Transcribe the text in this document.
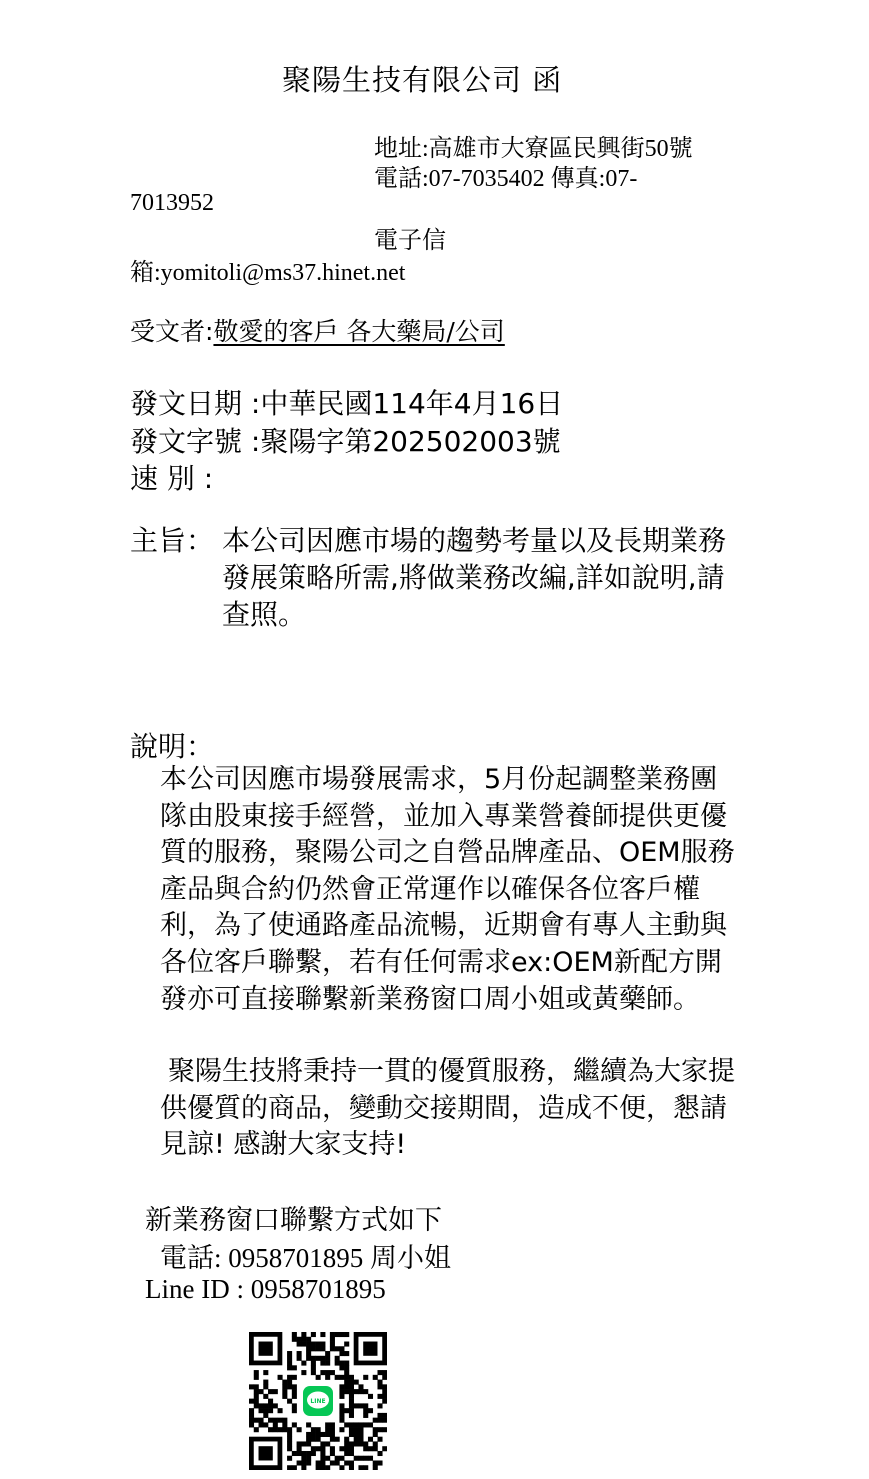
聚陽生技有限公司 函
地址:高雄市大寮區民興街50號
電話:07-7035402 傳真:07-
7013952
電子信
箱:yomitoli@ms37.hinet.net
受文者:敬愛的客戶 各大藥局/公司
發文日期 :中華民國114年4月16日
發文字號 :聚陽字第202502003號
速 別 :
主旨： 本公司因應市場的趨勢考量以及長期業務發展策略所需,將做業務改編,詳如說明,請查照。
說明：
本公司因應市場發展需求，5月份起調整業務團隊由股東接手經營，並加入專業營養師提供更優質的服務，聚陽公司之自營品牌產品、OEM服務產品與合約仍然會正常運作以確保各位客戶權利，為了使通路產品流暢，近期會有專人主動與各位客戶聯繫，若有任何需求ex:OEM新配方開發亦可直接聯繫新業務窗口周小姐或黃藥師。
聚陽生技將秉持一貫的優質服務，繼續為大家提供優質的商品，變動交接期間，造成不便，懇請見諒! 感謝大家支持!
新業務窗口聯繫方式如下
電話: 0958701895 周小姐
Line ID : 0958701895
LINE
